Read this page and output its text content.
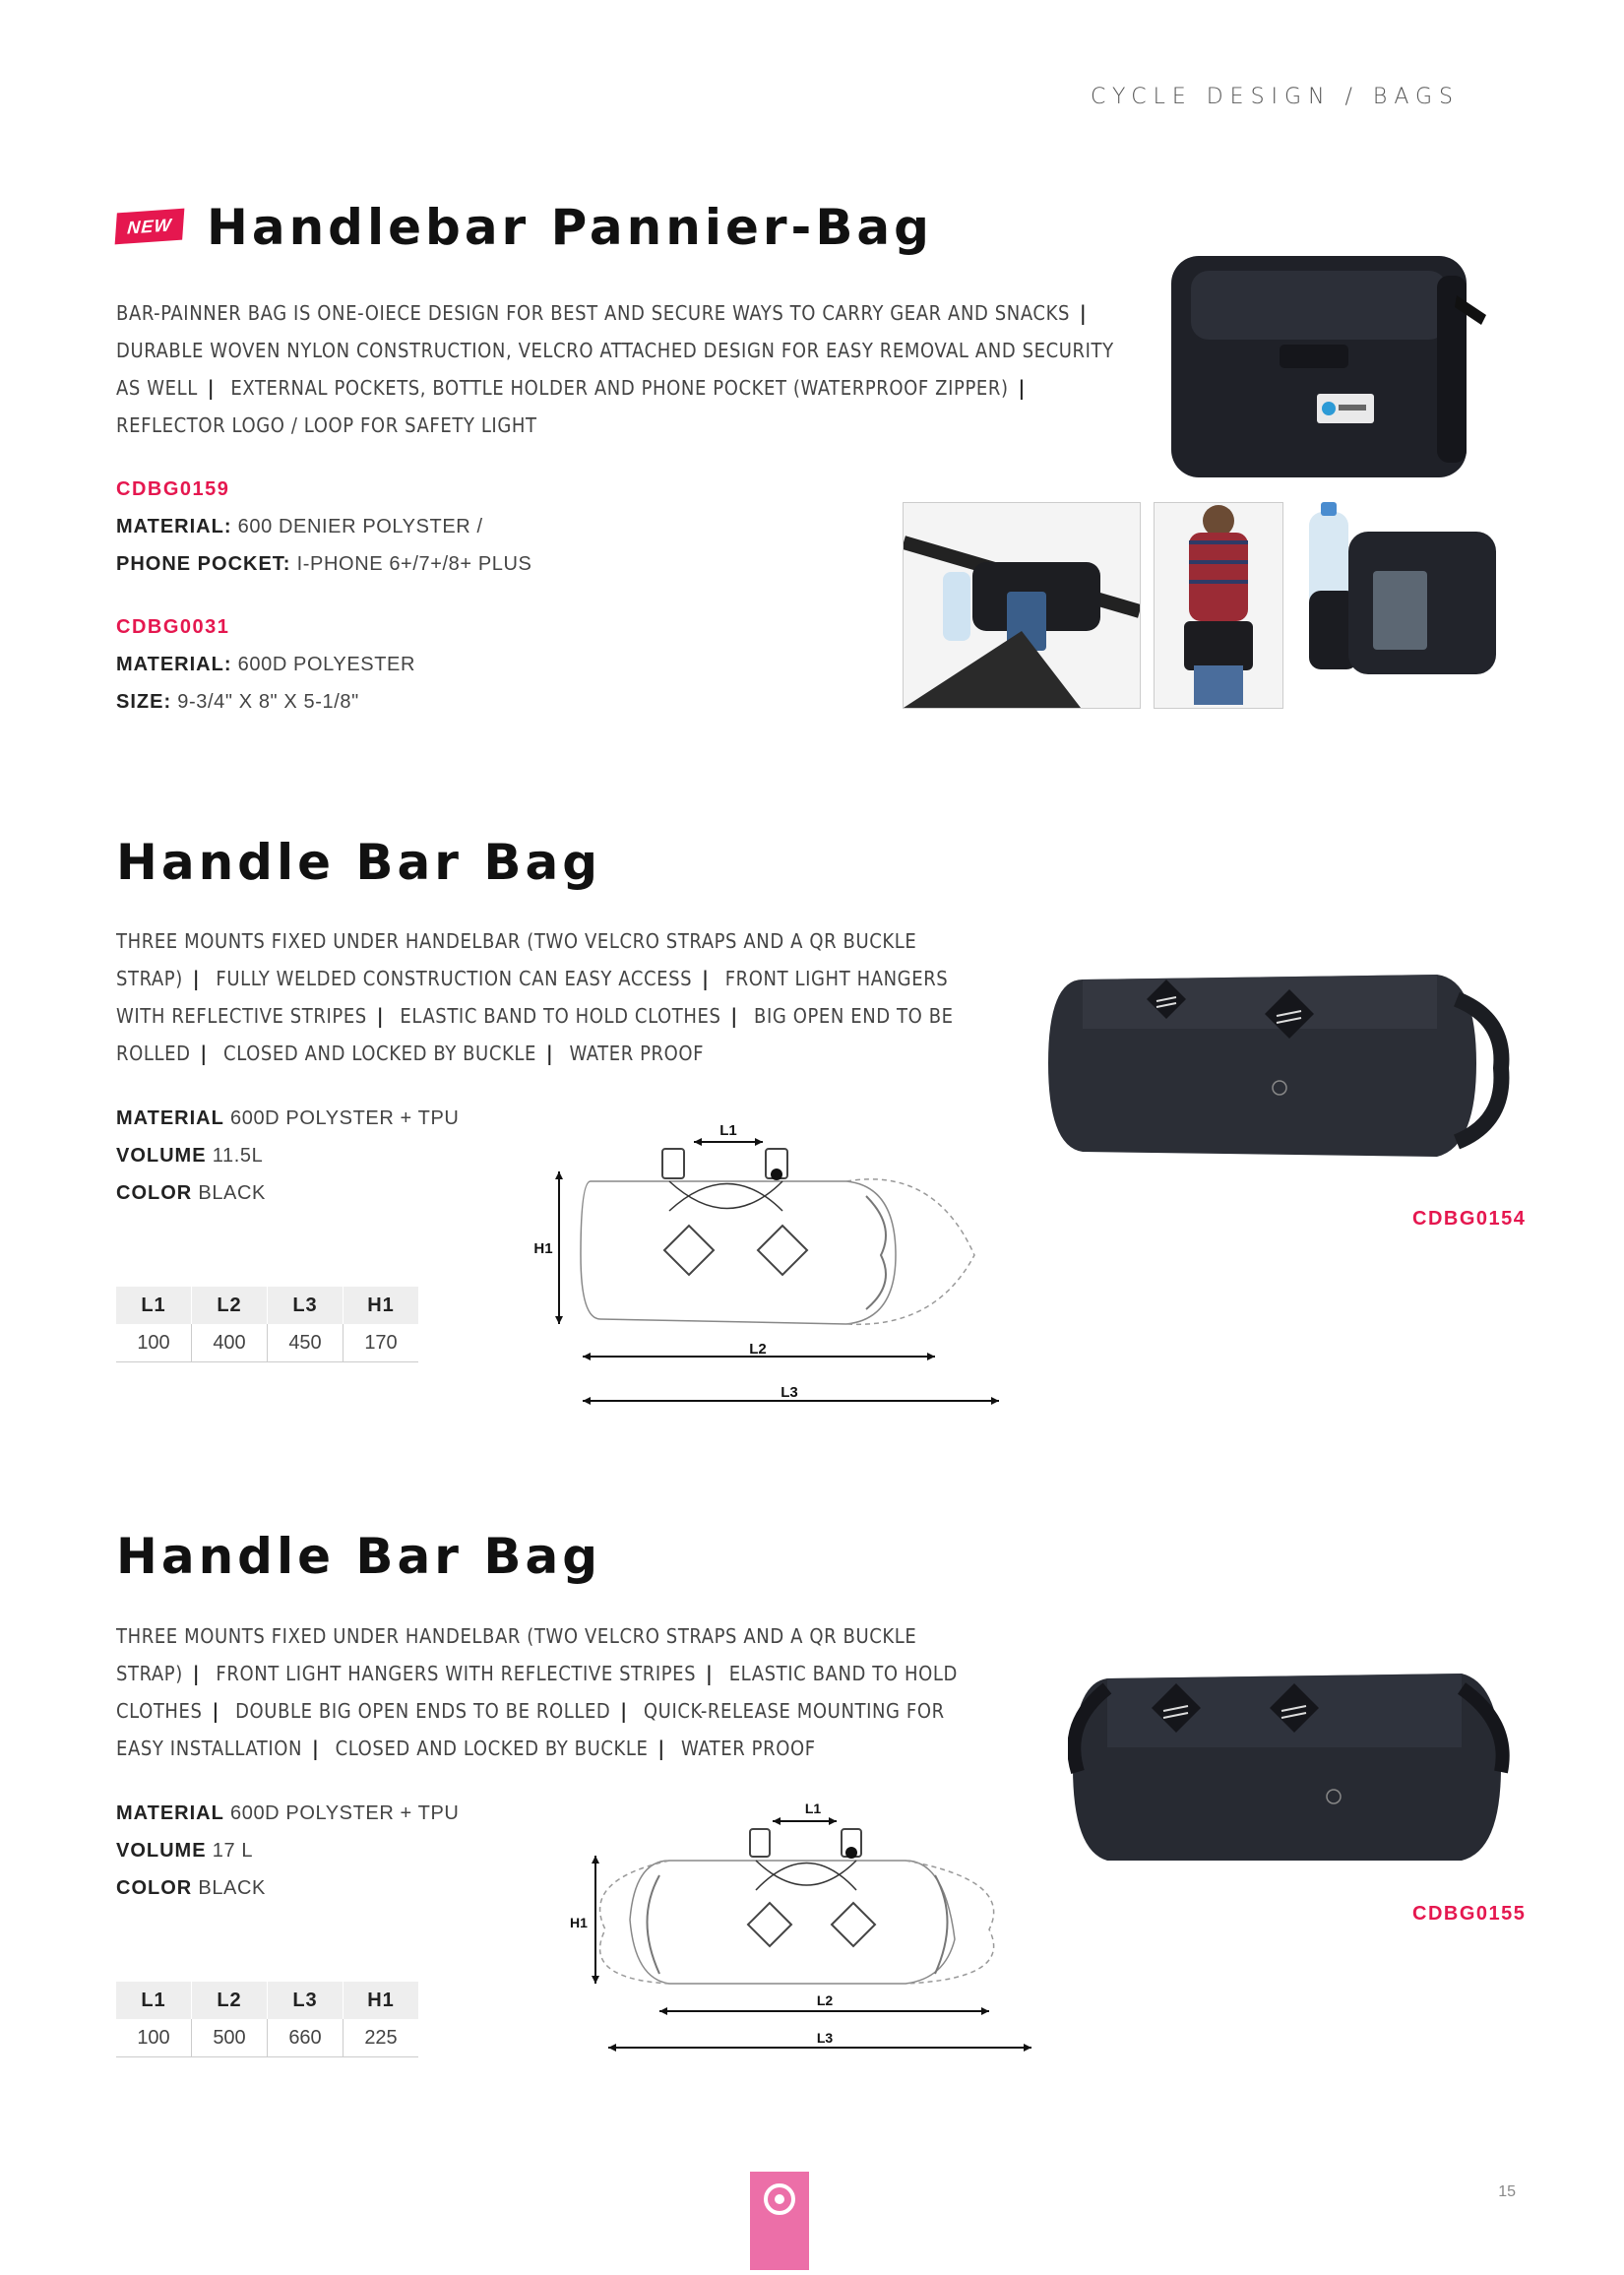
CYCLE DESIGN / BAGS
NEW Handlebar Pannier-Bag
BAR-PAINNER BAG IS ONE-OIECE DESIGN FOR BEST AND SECURE WAYS TO CARRY GEAR AND SNACKS | DURABLE WOVEN NYLON CONSTRUCTION, VELCRO ATTACHED DESIGN FOR EASY REMOVAL AND SECURITY AS WELL | EXTERNAL POCKETS, BOTTLE HOLDER AND PHONE POCKET (WATERPROOF ZIPPER) | REFLECTOR LOGO / LOOP FOR SAFETY LIGHT
CDBG0159
MATERIAL: 600 DENIER POLYSTER /
PHONE POCKET: I-PHONE 6+/7+/8+ PLUS
CDBG0031
MATERIAL: 600D POLYESTER
SIZE: 9-3/4" X 8" X 5-1/8"
Handle Bar Bag
THREE MOUNTS FIXED UNDER HANDELBAR (TWO VELCRO STRAPS AND A QR BUCKLE STRAP) | FULLY WELDED CONSTRUCTION CAN EASY ACCESS | FRONT LIGHT HANGERS WITH REFLECTIVE STRIPES | ELASTIC BAND TO HOLD CLOTHES | BIG OPEN END TO BE ROLLED | CLOSED AND LOCKED BY BUCKLE | WATER PROOF
MATERIAL 600D POLYSTER + TPU
VOLUME 11.5L
COLOR BLACK
L1	L2	L3	H1
100	400	450	170
L1
H1
L2
L3
CDBG0154
Handle Bar Bag
THREE MOUNTS FIXED UNDER HANDELBAR (TWO VELCRO STRAPS AND A QR BUCKLE STRAP) | FRONT LIGHT HANGERS WITH REFLECTIVE STRIPES | ELASTIC BAND TO HOLD CLOTHES | DOUBLE BIG OPEN ENDS TO BE ROLLED | QUICK-RELEASE MOUNTING FOR EASY INSTALLATION | CLOSED AND LOCKED BY BUCKLE | WATER PROOF
MATERIAL 600D POLYSTER + TPU
VOLUME 17 L
COLOR BLACK
L1	L2	L3	H1
100	500	660	225
L1
H1
L2
L3
CDBG0155
15
